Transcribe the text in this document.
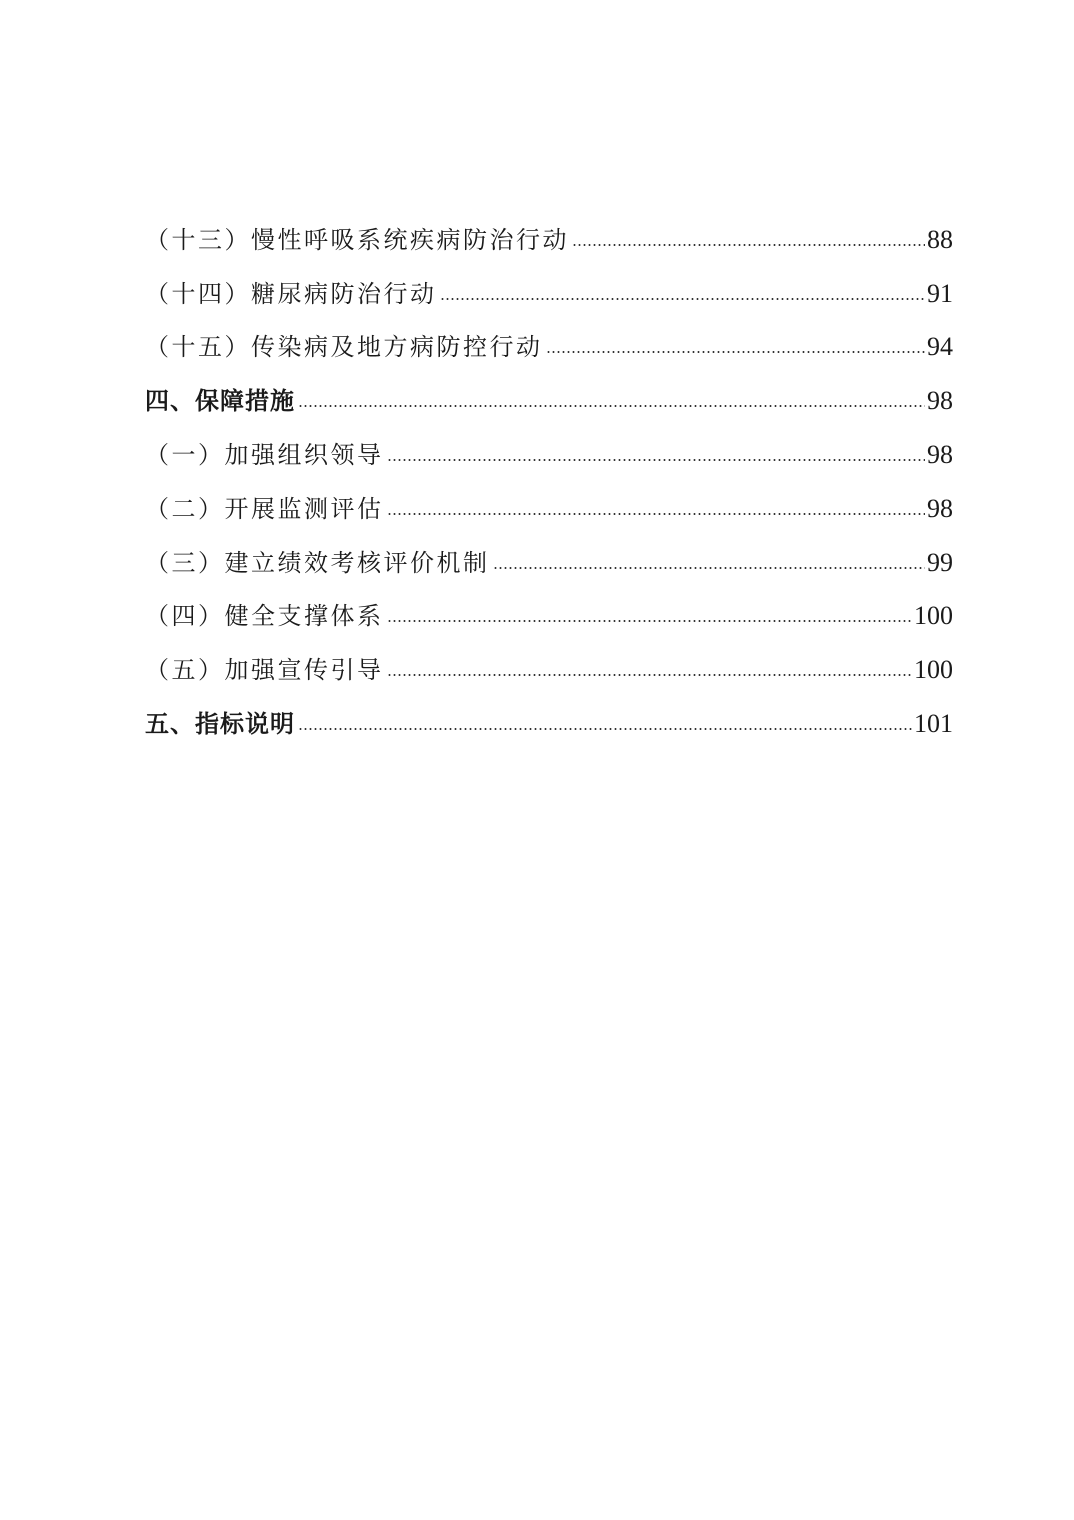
（十三）慢性呼吸系统疾病防治行动	88
（十四）糖尿病防治行动	91
（十五）传染病及地方病防控行动	94
四、保障措施	98
（一）加强组织领导	98
（二）开展监测评估	98
（三）建立绩效考核评价机制	99
（四）健全支撑体系	100
（五）加强宣传引导	100
五、指标说明	101
